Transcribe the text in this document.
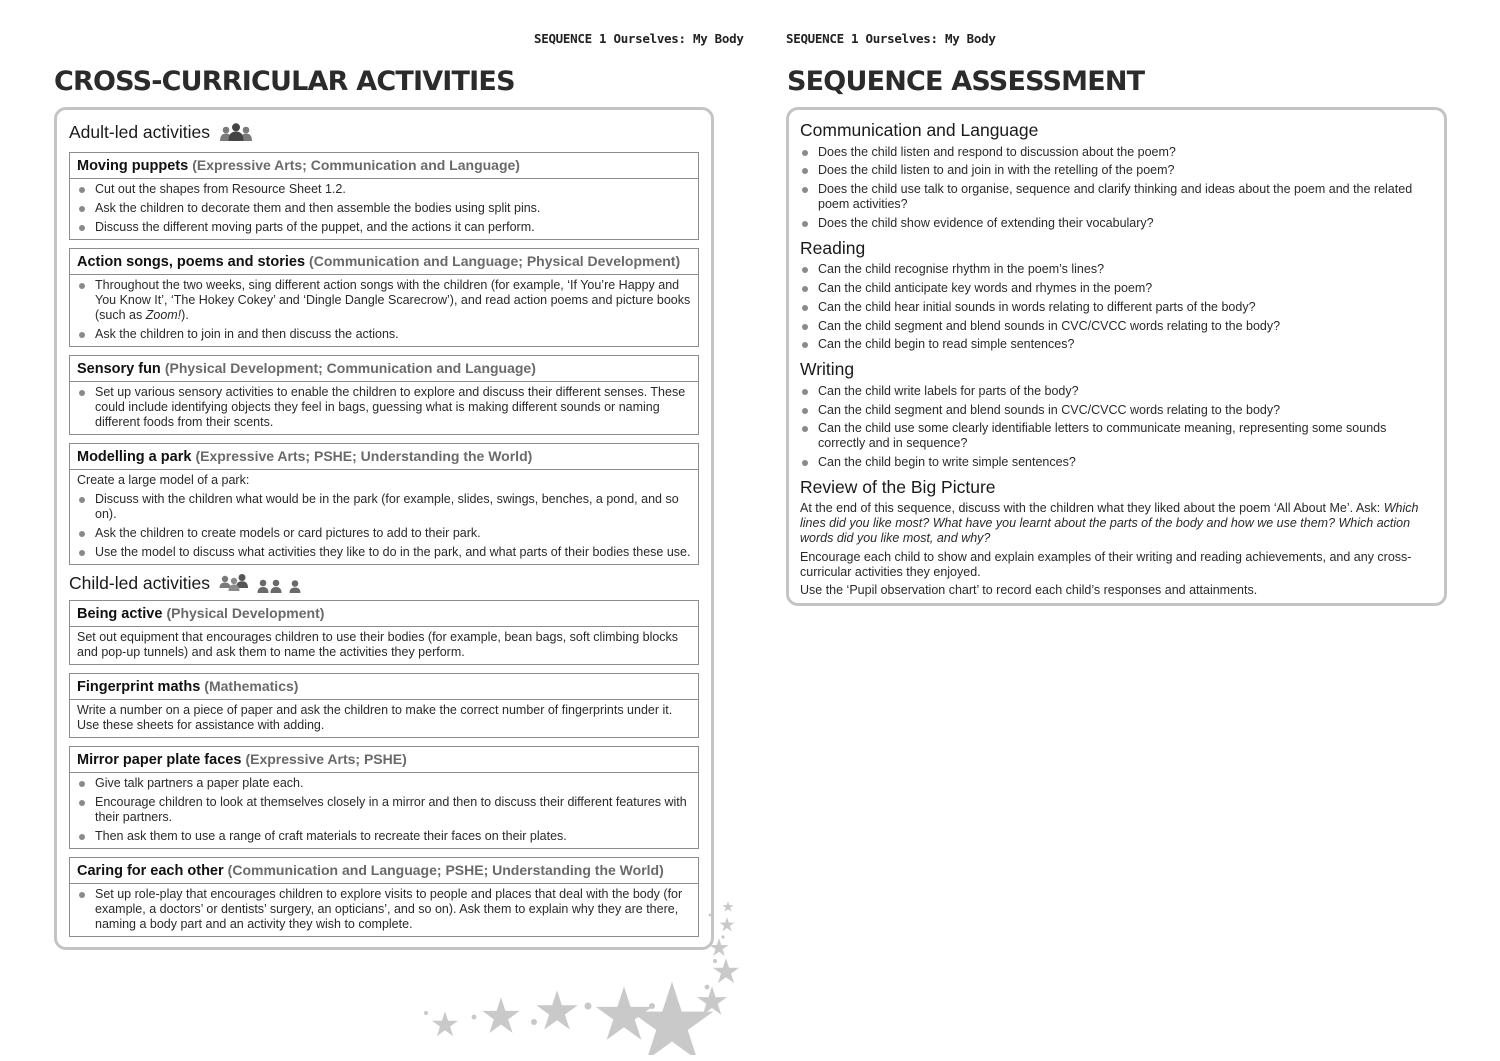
SEQUENCE 1 Ourselves: My Body	SEQUENCE 1 Ourselves: My Body
CROSS-CURRICULAR ACTIVITIES	SEQUENCE ASSESSMENT
Adult-led activities
Moving puppets (Expressive Arts; Communication and Language)
Cut out the shapes from Resource Sheet 1.2.
Ask the children to decorate them and then assemble the bodies using split pins.
Discuss the different moving parts of the puppet, and the actions it can perform.
Action songs, poems and stories (Communication and Language; Physical Development)
Throughout the two weeks, sing different action songs with the children (for example, ‘If You’re Happy and You Know It’, ‘The Hokey Cokey’ and ‘Dingle Dangle Scarecrow’), and read action poems and picture books (such as Zoom!).
Ask the children to join in and then discuss the actions.
Sensory fun (Physical Development; Communication and Language)
Set up various sensory activities to enable the children to explore and discuss their different senses. These could include identifying objects they feel in bags, guessing what is making different sounds or naming different foods from their scents.
Modelling a park (Expressive Arts; PSHE; Understanding the World)

Create a large model of a park:

Discuss with the children what would be in the park (for example, slides, swings, benches, a pond, and so on).
Ask the children to create models or card pictures to add to their park.
Use the model to discuss what activities they like to do in the park, and what parts of their bodies these use.
Child-led activities
Being active (Physical Development)

Set out equipment that encourages children to use their bodies (for example, bean bags, soft climbing blocks and pop-up tunnels) and ask them to name the activities they perform.

Fingerprint maths (Mathematics)

Write a number on a piece of paper and ask the children to make the correct number of fingerprints under it. Use these sheets for assistance with adding.

Mirror paper plate faces (Expressive Arts; PSHE)
Give talk partners a paper plate each.
Encourage children to look at themselves closely in a mirror and then to discuss their different features with their partners.
Then ask them to use a range of craft materials to recreate their faces on their plates.
Caring for each other (Communication and Language; PSHE; Understanding the World)
Set up role-play that encourages children to explore visits to people and places that deal with the body (for example, a doctors’ or dentists’ surgery, an opticians’, and so on). Ask them to explain why they are there, naming a body part and an activity they wish to complete.
Communication and Language
Does the child listen and respond to discussion about the poem?
Does the child listen to and join in with the retelling of the poem?
Does the child use talk to organise, sequence and clarify thinking and ideas about the poem and the related poem activities?
Does the child show evidence of extending their vocabulary?
Reading
Can the child recognise rhythm in the poem’s lines?
Can the child anticipate key words and rhymes in the poem?
Can the child hear initial sounds in words relating to different parts of the body?
Can the child segment and blend sounds in CVC/CVCC words relating to the body?
Can the child begin to read simple sentences?
Writing
Can the child write labels for parts of the body?
Can the child segment and blend sounds in CVC/CVCC words relating to the body?
Can the child use some clearly identifiable letters to communicate meaning, representing some sounds correctly and in sequence?
Can the child begin to write simple sentences?
Review of the Big Picture

At the end of this sequence, discuss with the children what they liked about the poem ‘All About Me’. Ask: Which lines did you like most? What have you learnt about the parts of the body and how we use them? Which action words did you like most, and why?

Encourage each child to show and explain examples of their writing and reading achievements, and any cross-curricular activities they enjoyed.

Use the ‘Pupil observation chart’ to record each child’s responses and attainments.
